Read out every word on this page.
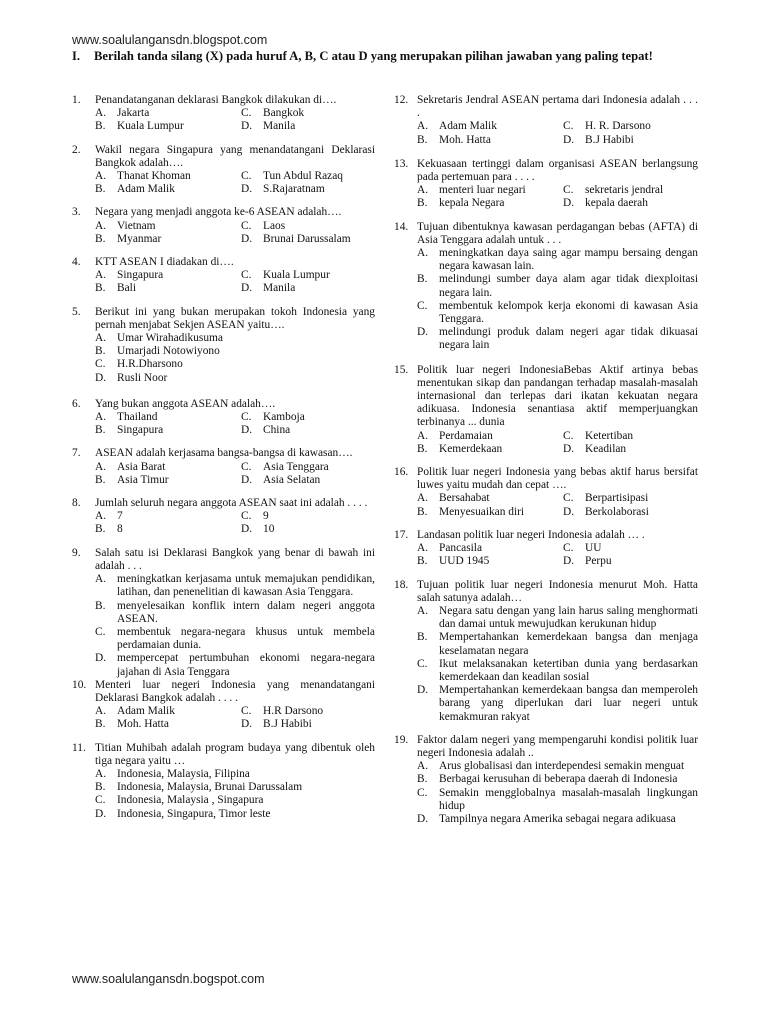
www.soalulangansdn.blogspot.com
I.	Berilah tanda silang (X) pada huruf A, B, C atau D yang merupakan pilihan jawaban yang paling tepat!
1. Penandatanganan deklarasi Bangkok dilakukan di….
A. Jakarta	C.	Bangkok
B.	Kuala Lumpur	D. Manila
2. Wakil negara Singapura yang menandatangani Deklarasi Bangkok adalah….
A. Thanat Khoman	C.	Tun Abdul Razaq
B.	Adam Malik	D. S.Rajaratnam
3. Negara yang menjadi anggota ke-6 ASEAN adalah….
A. Vietnam	C.	Laos
B.	Myanmar	D. Brunai Darussalam
4. KTT ASEAN I diadakan di….
A. Singapura	C.	Kuala Lumpur
B.	Bali	D. Manila
5. Berikut ini yang bukan merupakan tokoh Indonesia yang pernah menjabat Sekjen ASEAN yaitu….
A. Umar Wirahadikusuma
B.	Umarjadi Notowiyono
C.	H.R.Dharsono
D. Rusli Noor
6. Yang bukan anggota ASEAN adalah….
A. Thailand	C.	Kamboja
B.	Singapura	D. China
7. ASEAN adalah kerjasama bangsa-bangsa di kawasan….
A. Asia Barat	C.	Asia Tenggara
B.	Asia Timur	D. Asia Selatan
8. Jumlah seluruh negara anggota ASEAN saat ini adalah . . . .
A. 7	C.	9
B.	8	D. 10
9. Salah satu isi Deklarasi Bangkok yang benar di bawah ini adalah . . .
A. meningkatkan kerjasama untuk memajukan pendidikan, latihan, dan penenelitian di kawasan Asia Tenggara.
B.	menyelesaikan konflik intern dalam negeri anggota ASEAN.
C.	membentuk negara-negara khusus untuk membela perdamaian dunia.
D. mempercepat pertumbuhan ekonomi negara-negara jajahan di Asia Tenggara
10. Menteri luar negeri Indonesia yang menandatangani Deklarasi Bangkok adalah . . . .
A. Adam Malik	C.	H.R Darsono
B.	Moh. Hatta	D. B.J Habibi
11. Titian Muhibah adalah program budaya yang dibentuk oleh tiga negara yaitu …
A. Indonesia, Malaysia, Filipina
B.	Indonesia, Malaysia, Brunai Darussalam
C.	Indonesia, Malaysia , Singapura
D. Indonesia, Singapura, Timor leste
12. Sekretaris Jendral ASEAN pertama dari Indonesia adalah . . . .
A. Adam Malik	C.	H. R. Darsono
B.	Moh. Hatta	D. B.J Habibi
13. Kekuasaan tertinggi dalam organisasi ASEAN berlangsung pada pertemuan para . . . .
A. menteri luar negari	C.	sekretaris jendral
B.	kepala Negara	D. kepala daerah
14. Tujuan dibentuknya kawasan perdagangan bebas (AFTA) di Asia Tenggara adalah untuk . . .
A. meningkatkan daya saing agar mampu bersaing dengan negara kawasan lain.
B.	melindungi sumber daya alam agar tidak diexploitasi negara lain.
C.	membentuk kelompok kerja ekonomi di kawasan Asia Tenggara.
D. melindungi produk dalam negeri agar tidak dikuasai negara lain
15. Politik luar negeri IndonesiaBebas Aktif artinya bebas menentukan sikap dan pandangan terhadap masalah-masalah internasional dan terlepas dari ikatan kekuatan negara adikuasa. Indonesia senantiasa aktif memperjuangkan terbinanya ... dunia
A. Perdamaian	C.	Ketertiban
B.	Kemerdekaan	D. Keadilan
16. Politik luar negeri Indonesia yang bebas aktif harus bersifat luwes yaitu mudah dan cepat ….
A. Bersahabat	C.	Berpartisipasi
B.	Menyesuaikan diri	D. Berkolaborasi
17. Landasan politik luar negeri Indonesia adalah … .
A. Pancasila	C.	UU
B.	UUD 1945	D. Perpu
18. Tujuan politik luar negeri Indonesia menurut Moh. Hatta salah satunya adalah…
A. Negara satu dengan yang lain harus saling menghormati dan damai untuk mewujudkan kerukunan hidup
B.	Mempertahankan kemerdekaan bangsa dan menjaga keselamatan negara
C.	Ikut melaksanakan ketertiban dunia yang berdasarkan kemerdekaan dan keadilan sosial
D. Mempertahankan kemerdekaan bangsa dan memperoleh barang yang diperlukan dari luar negeri untuk kemakmuran rakyat
19. Faktor dalam negeri yang mempengaruhi kondisi politik luar negeri Indonesia adalah ..
A. Arus globalisasi dan interdependesi semakin menguat
B.	Berbagai kerusuhan di beberapa daerah di Indonesia
C.	Semakin mengglobalnya masalah-masalah lingkungan hidup
D. Tampilnya negara Amerika sebagai negara adikuasa
www.soalulangansdn.bogspot.com
